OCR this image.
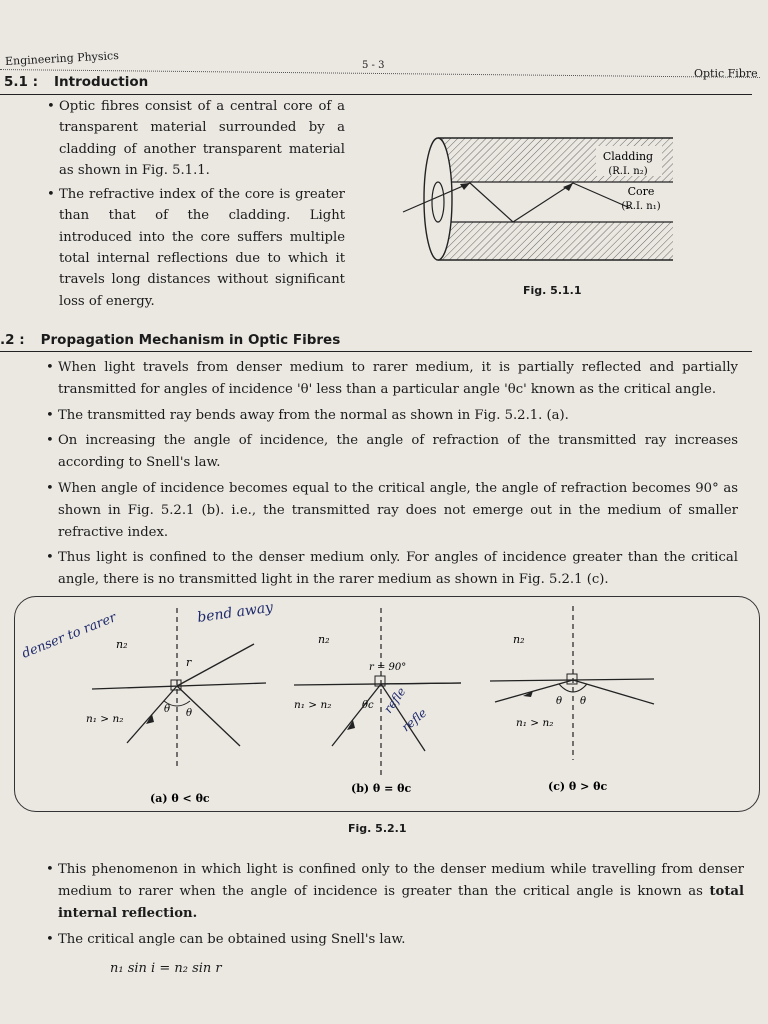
Engineering Physics	5 - 3
Optic Fibre
5.1 : Introduction
• Optic fibres consist of a central core of a transparent material surrounded by a cladding of another transparent material as shown in Fig. 5.1.1.
• The refractive index of the core is greater than that of the cladding. Light introduced into the core suffers multiple total internal reflections due to which it travels long distances without significant loss of energy.
Cladding
(R.I. n₂)
Core
(R.I. n₁)
Fig. 5.1.1
.2 : Propagation Mechanism in Optic Fibres
• When light travels from denser medium to rarer medium, it is partially reflected and partially transmitted for angles of incidence 'θ' less than a particular angle 'θc' known as the critical angle.
• The transmitted ray bends away from the normal as shown in Fig. 5.2.1. (a).
• On increasing the angle of incidence, the angle of refraction of the transmitted ray increases according to Snell's law.
• When angle of incidence becomes equal to the critical angle, the angle of refraction becomes 90° as shown in Fig. 5.2.1 (b). i.e., the transmitted ray does not emerge out in the medium of smaller refractive index.
• Thus light is confined to the denser medium only. For angles of incidence greater than the critical angle, there is no transmitted light in the rarer medium as shown in Fig. 5.2.1 (c).
n₂
r
n₁ > n₂
θ θ
(a) θ < θc
denser to rarer	bend away
n₂
r = 90°
n₁ > n₂	θc
(b) θ = θc
refle
refle
n₂
θ θ
n₁ > n₂
(c) θ > θc
Fig. 5.2.1
• This phenomenon in which light is confined only to the denser medium while travelling from denser medium to rarer when the angle of incidence is greater than the critical angle is known as total internal reflection.
• The critical angle can be obtained using Snell's law.
n₁ sin i = n₂ sin r
